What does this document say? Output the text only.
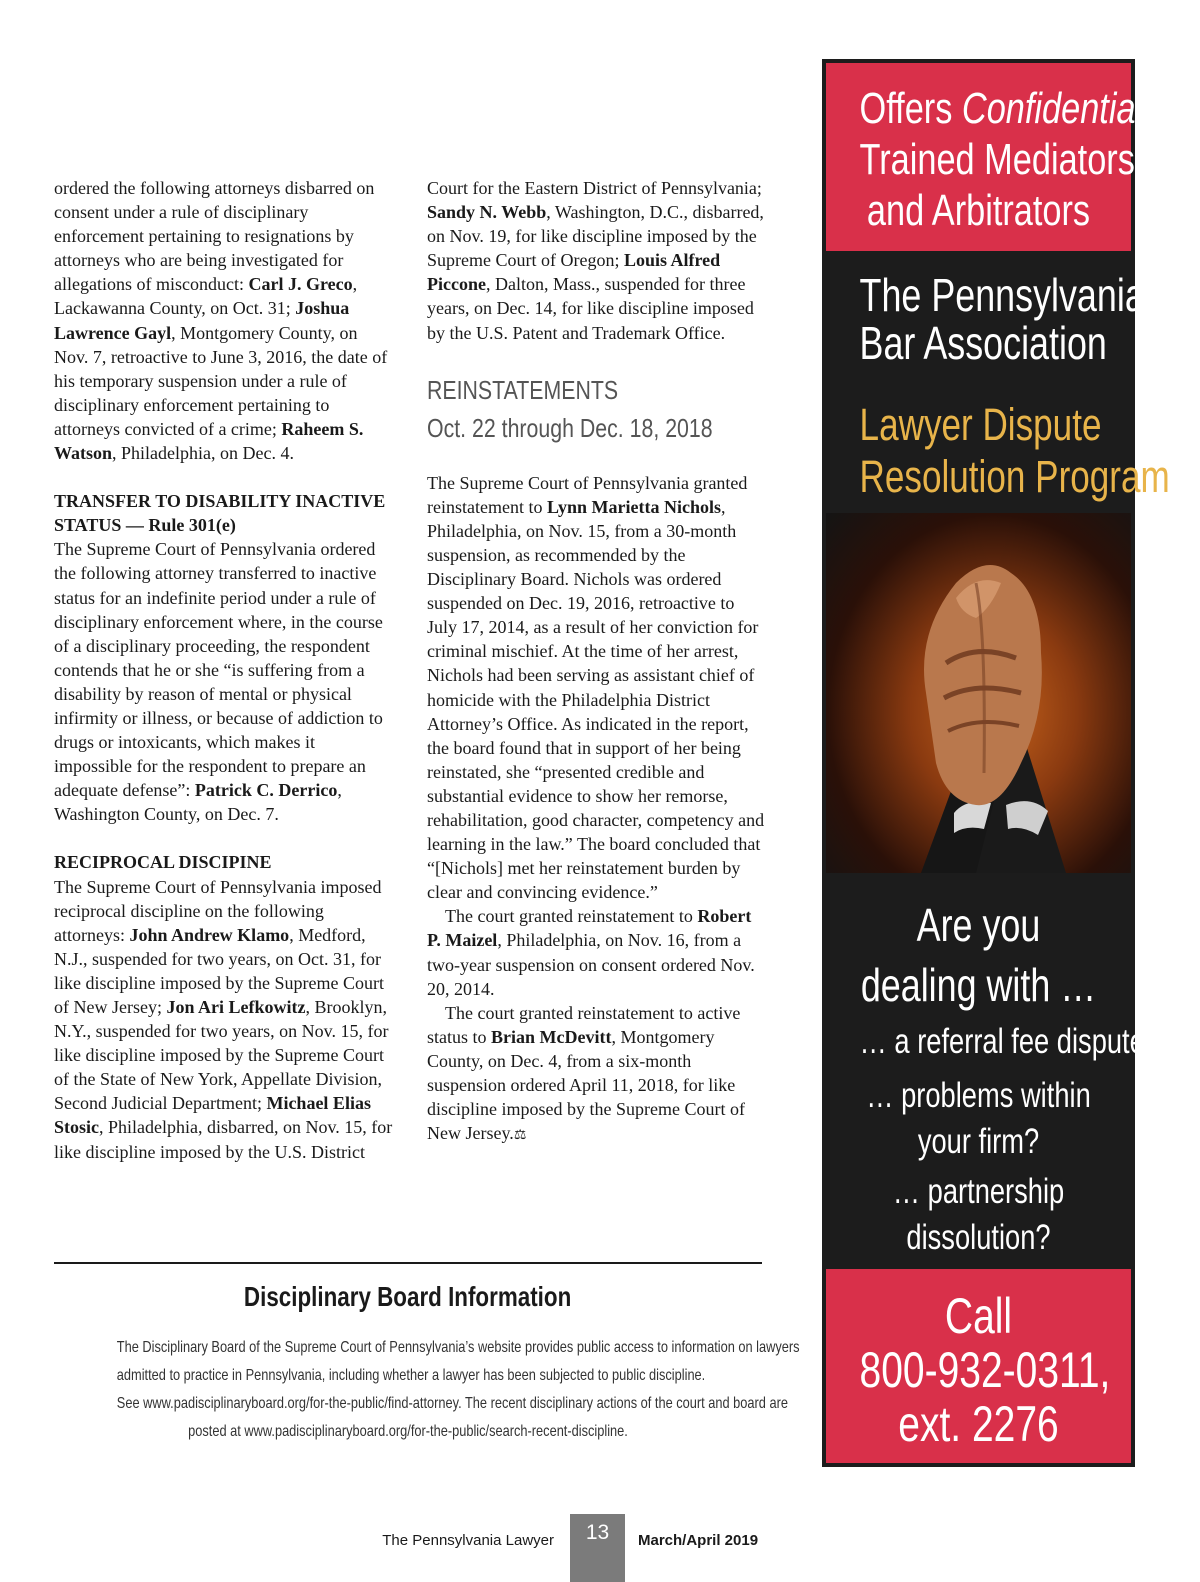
ordered the following attorneys disbarred on consent under a rule of disciplinary enforcement pertaining to resignations by attorneys who are being investigated for allegations of misconduct: Carl J. Greco, Lackawanna County, on Oct. 31; Joshua Lawrence Gayl, Montgomery County, on Nov. 7, retroactive to June 3, 2016, the date of his temporary suspension under a rule of disciplinary enforcement pertaining to attorneys convicted of a crime; Raheem S. Watson, Philadelphia, on Dec. 4.

TRANSFER TO DISABILITY INACTIVE STATUS — Rule 301(e)

The Supreme Court of Pennsylvania ordered the following attorney transferred to inactive status for an indefinite period under a rule of disciplinary enforcement where, in the course of a disciplinary proceeding, the respondent contends that he or she “is suffering from a disability by reason of mental or physical infirmity or illness, or because of addiction to drugs or intoxicants, which makes it impossible for the respondent to prepare an adequate defense”: Patrick C. Derrico, Washington County, on Dec. 7.

RECIPROCAL DISCIPINE

The Supreme Court of Pennsylvania imposed reciprocal discipline on the following attorneys: John Andrew Klamo, Medford, N.J., suspended for two years, on Oct. 31, for like discipline imposed by the Supreme Court of New Jersey; Jon Ari Lefkowitz, Brooklyn, N.Y., suspended for two years, on Nov. 15, for like discipline imposed by the Supreme Court of the State of New York, Appellate Division, Second Judicial Department; Michael Elias Stosic, Philadelphia, disbarred, on Nov. 15, for like discipline imposed by the U.S. District

Court for the Eastern District of Pennsylvania; Sandy N. Webb, Washington, D.C., disbarred, on Nov. 19, for like discipline imposed by the Supreme Court of Oregon; Louis Alfred Piccone, Dalton, Mass., suspended for three years, on Dec. 14, for like discipline imposed by the U.S. Patent and Trademark Office.

REINSTATEMENTS

Oct. 22 through Dec. 18, 2018

The Supreme Court of Pennsylvania granted reinstatement to Lynn Marietta Nichols, Philadelphia, on Nov. 15, from a 30-month suspension, as recommended by the Disciplinary Board. Nichols was ordered suspended on Dec. 19, 2016, retroactive to July 17, 2014, as a result of her conviction for criminal mischief. At the time of her arrest, Nichols had been serving as assistant chief of homicide with the Philadelphia District Attorney’s Office. As indicated in the report, the board found that in support of her being reinstated, she “presented credible and substantial evidence to show her remorse, rehabilitation, good character, competency and learning in the law.” The board concluded that “[Nichols] met her reinstatement burden by clear and convincing evidence.”

The court granted reinstatement to Robert P. Maizel, Philadelphia, on Nov. 16, from a two-year suspension on consent ordered Nov. 20, 2014.

The court granted reinstatement to active status to Brian McDevitt, Montgomery County, on Dec. 4, from a six-month suspension ordered April 11, 2018, for like discipline imposed by the Supreme Court of New Jersey.⚖

Disciplinary Board Information
The Disciplinary Board of the Supreme Court of Pennsylvania’s website provides public access to information on lawyers
admitted to practice in Pennsylvania, including whether a lawyer has been subjected to public discipline.
See www.padisciplinaryboard.org/for-the-public/find-attorney. The recent disciplinary actions of the court and board are
posted at www.padisciplinaryboard.org/for-the-public/search-recent-discipline.
Offers Confidential,
Trained Mediators
and Arbitrators
The Pennsylvania
Bar Association
Lawyer Dispute
Resolution Program
Are you
dealing with …
… a referral fee dispute?
… problems within
your firm?
… partnership
dissolution?
Call
800-932-0311,
ext. 2276
The Pennsylvania Lawyer	13	March/April 2019
